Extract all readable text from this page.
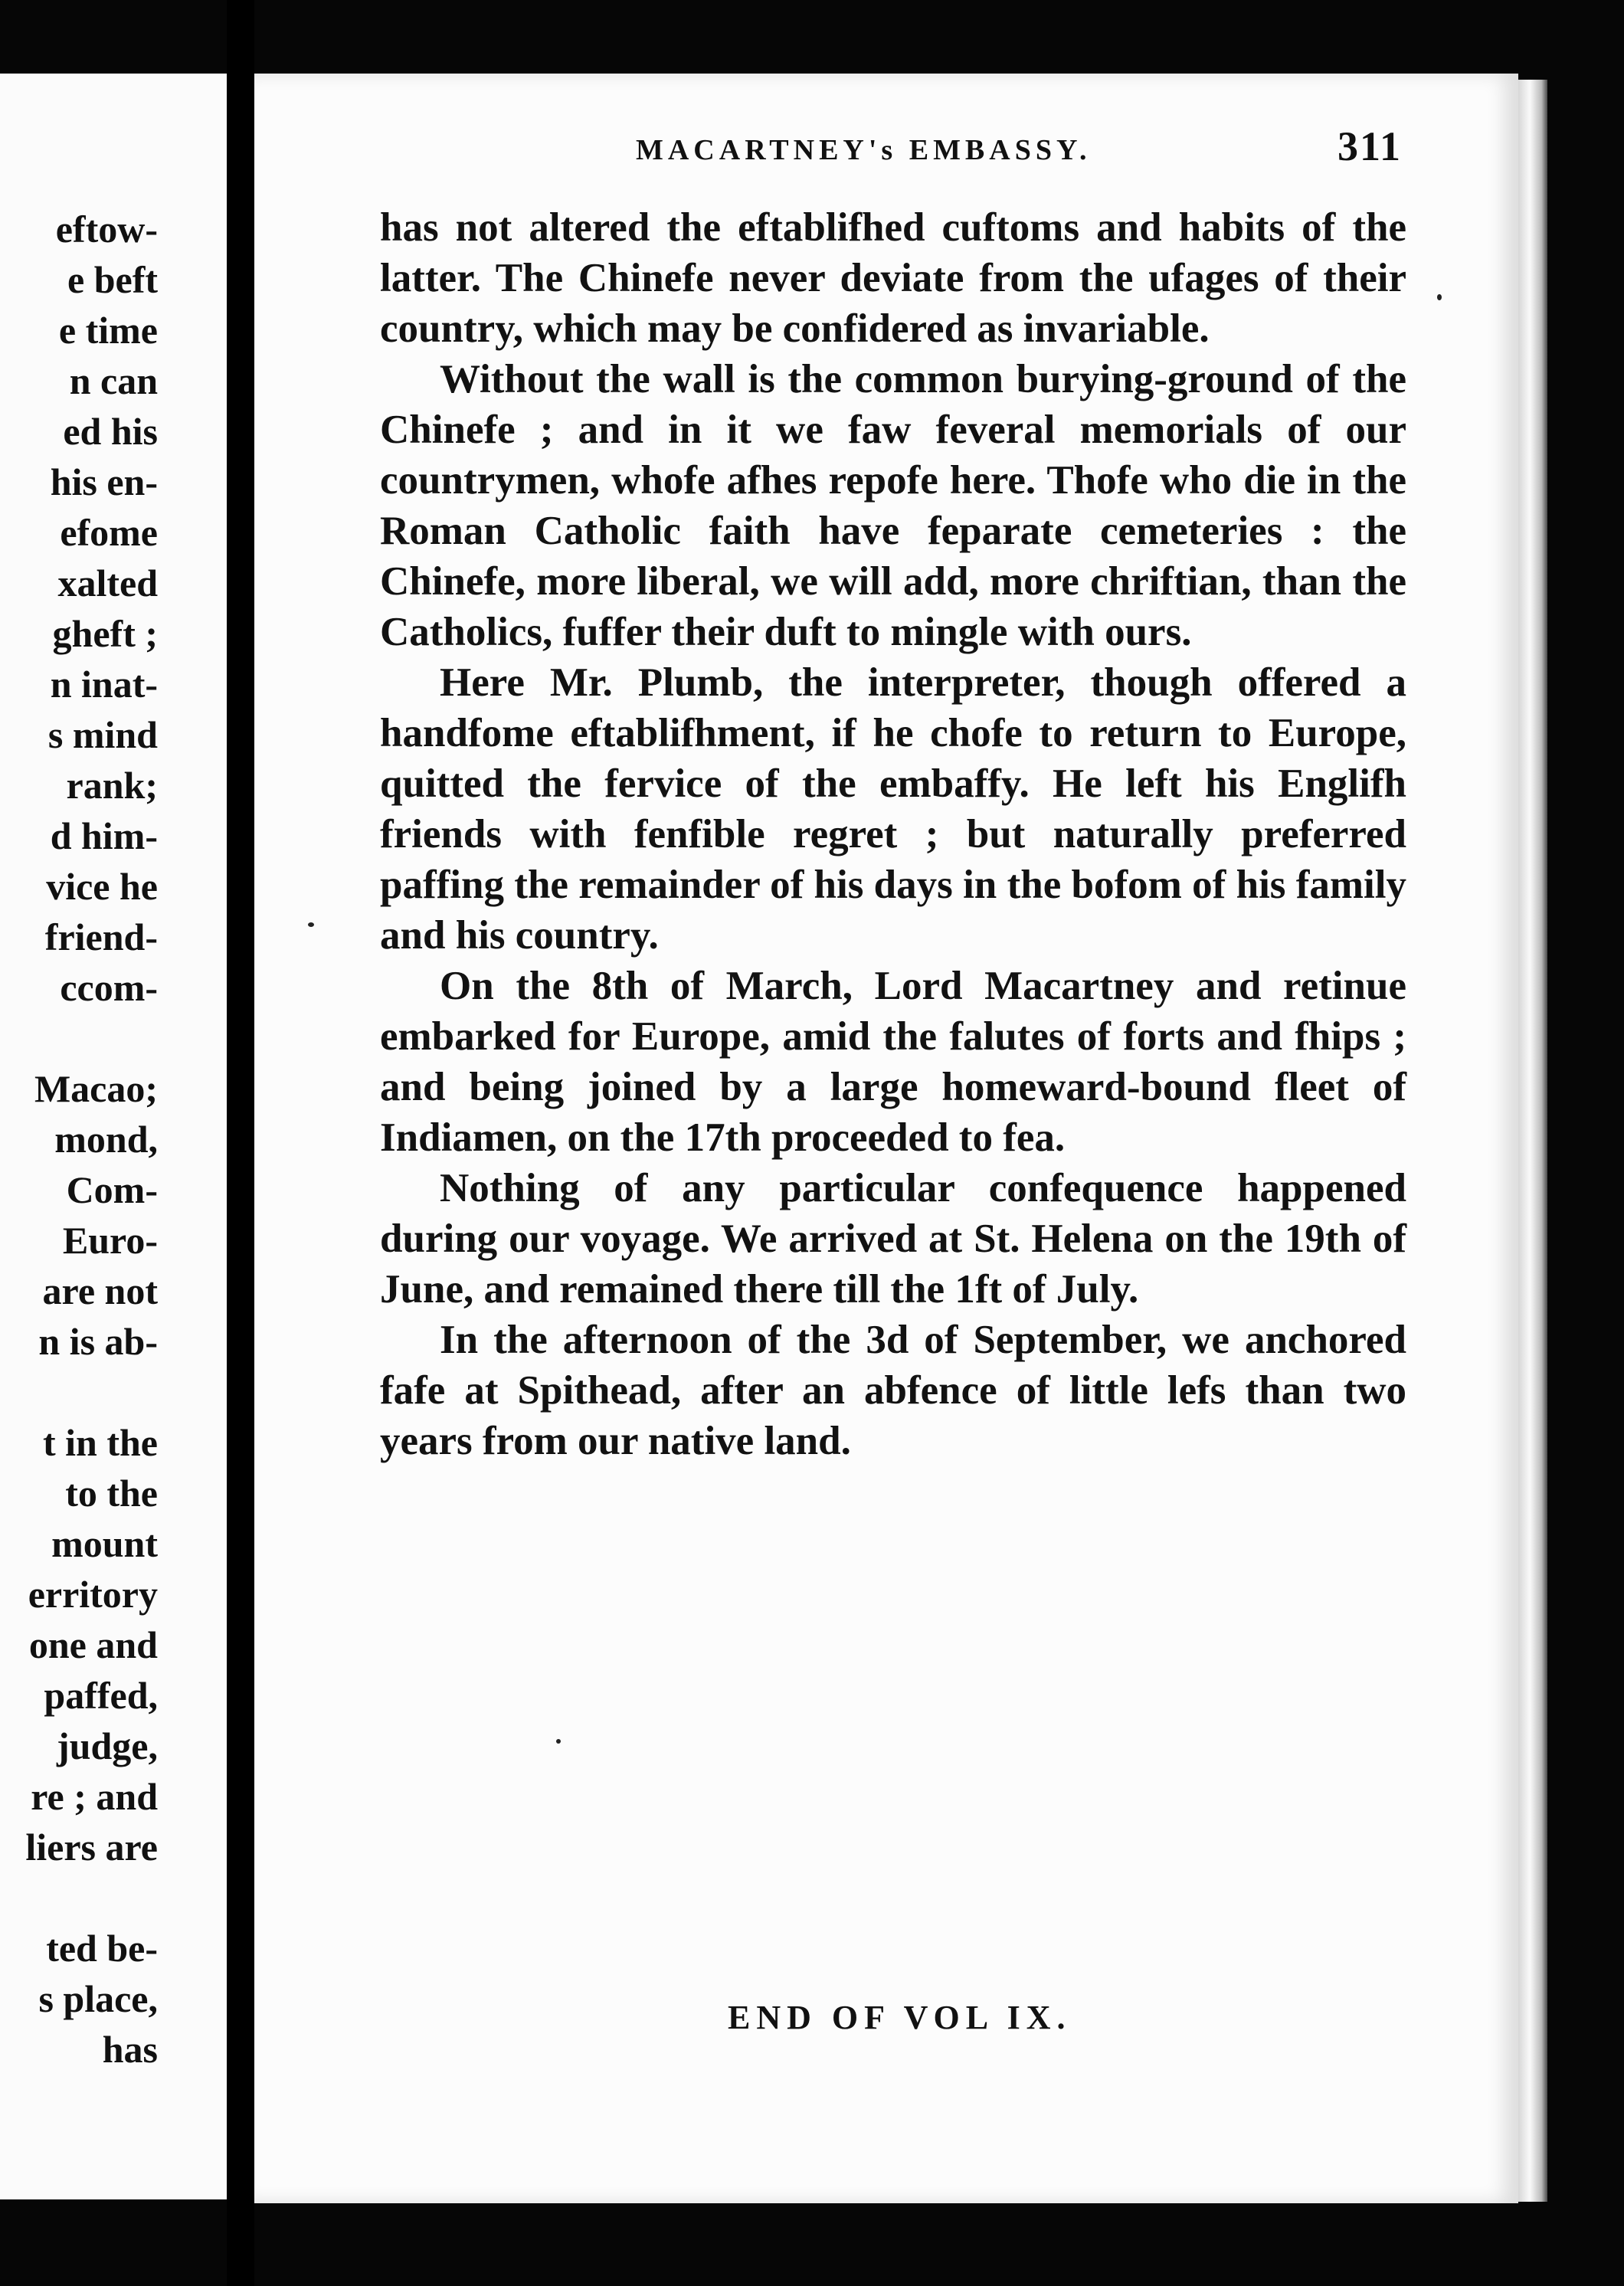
eftow-
e beft
e time
n can
ed his
his en-
efome
xalted
gheft ;
n inat-
s mind
rank;
d him-
vice he
friend-
ccom-
Macao;
mond,
Com-
Euro-
are not
n is ab-
t in the
to the
mount
erritory
one and
paffed,
judge,
re ; and
liers are
ted be-
s place,
has
MACARTNEY's EMBASSY.	311

has not altered the eftablifhed cuftoms and habits of the latter. The Chinefe never deviate from the ufages of their country, which may be confidered as invariable.

Without the wall is the common burying-ground of the Chinefe ; and in it we faw feveral memorials of our countrymen, whofe afhes repofe here. Thofe who die in the Roman Catholic faith have feparate cemeteries : the Chinefe, more liberal, we will add, more chriftian, than the Catholics, fuffer their duft to mingle with ours.

Here Mr. Plumb, the interpreter, though offered a handfome eftablifhment, if he chofe to return to Europe, quitted the fervice of the embaffy. He left his Englifh friends with fenfible regret ; but naturally preferred paffing the remainder of his days in the bofom of his family and his country.

On the 8th of March, Lord Macartney and retinue embarked for Europe, amid the falutes of forts and fhips ; and being joined by a large homeward-bound fleet of Indiamen, on the 17th proceeded to fea.

Nothing of any particular confequence happened during our voyage. We arrived at St. Helena on the 19th of June, and remained there till the 1ft of July.

In the afternoon of the 3d of September, we anchored fafe at Spithead, after an abfence of little lefs than two years from our native land.

END OF VOL IX.
